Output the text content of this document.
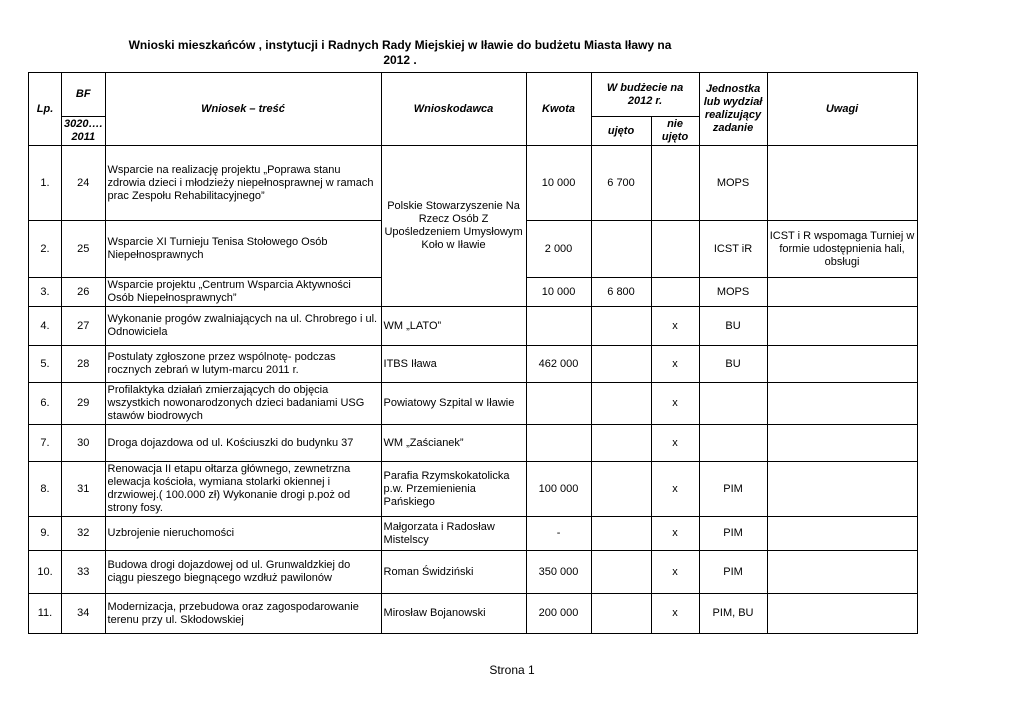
Wnioski mieszkańców , instytucji i Radnych Rady Miejskiej w Iławie do budżetu Miasta Iławy na
2012 .
Lp.	BF	Wniosek – treść	Wnioskodawca	Kwota	W budżecie na 2012 r.		Jednostka lub wydział realizujący zadanie	Uwagi
	3020…. 2011				ujęto	nie ujęto		
1.	24	Wsparcie na realizację projektu „Poprawa stanu zdrowia dzieci i młodzieży niepełnosprawnej w ramach prac Zespołu Rehabilitacyjnego”	Polskie Stowarzyszenie Na Rzecz Osób Z Upośledzeniem Umysłowym Koło w Iławie	10 000	6 700		MOPS	
2.	25	Wsparcie XI Turnieju Tenisa Stołowego Osób Niepełnosprawnych		2 000			ICST iR	ICST i R wspomaga Turniej w formie udostępnienia hali, obsługi
3.	26	Wsparcie projektu „Centrum Wsparcia Aktywności Osób Niepełnosprawnych”		10 000	6 800		MOPS	
4.	27	Wykonanie progów zwalniających na ul. Chrobrego i ul. Odnowiciela	WM „LATO”			x	BU	
5.	28	Postulaty zgłoszone przez wspólnotę- podczas rocznych zebrań w lutym-marcu 2011 r.	ITBS Iława	462 000		x	BU	
6.	29	Profilaktyka działań zmierzających do objęcia wszystkich nowonarodzonych dzieci badaniami USG stawów biodrowych	Powiatowy Szpital w Iławie			x		
7.	30	Droga dojazdowa od ul. Kościuszki do budynku 37	WM „Zaścianek”			x		
8.	31	Renowacja II etapu ołtarza głównego, zewnetrzna elewacja kościoła, wymiana stolarki okiennej i drzwiowej.( 100.000 zł) Wykonanie drogi p.poż od strony fosy.	Parafia Rzymskokatolicka p.w. Przemienienia Pańskiego	100 000		x	PIM	
9.	32	Uzbrojenie nieruchomości	Małgorzata i Radosław Mistelscy	-		x	PIM	
10.	33	Budowa drogi dojazdowej od ul. Grunwaldzkiej do ciągu pieszego biegnącego wzdłuż pawilonów	Roman Świdziński	350 000		x	PIM	
11.	34	Modernizacja, przebudowa oraz zagospodarowanie terenu przy ul. Skłodowskiej	Mirosław Bojanowski	200 000		x	PIM, BU	
Strona 1
